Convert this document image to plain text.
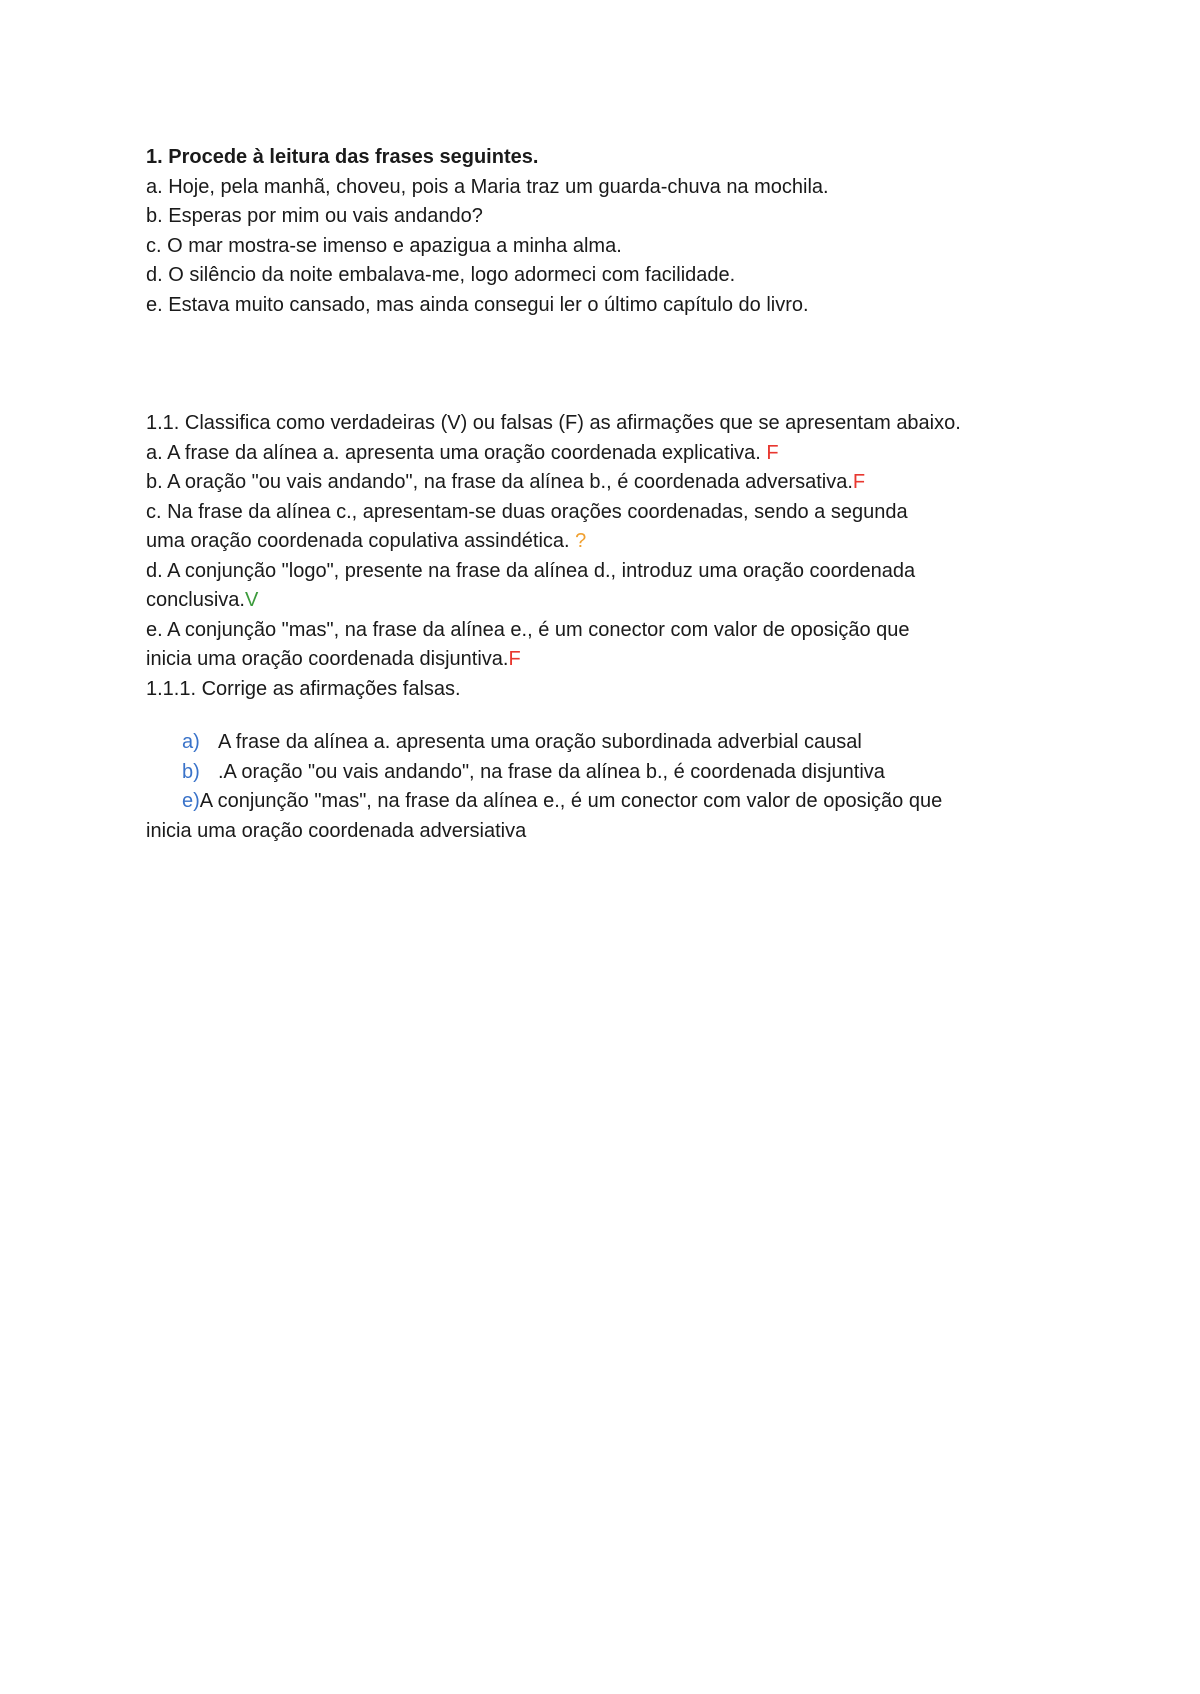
1. Procede à leitura das frases seguintes.
a. Hoje, pela manhã, choveu, pois a Maria traz um guarda-chuva na mochila.
b. Esperas por mim ou vais andando?
c. O mar mostra-se imenso e apazigua a minha alma.
d. O silêncio da noite embalava-me, logo adormeci com facilidade.
e. Estava muito cansado, mas ainda consegui ler o último capítulo do livro.
1.1. Classifica como verdadeiras (V) ou falsas (F) as afirmações que se apresentam abaixo.
a. A frase da alínea a. apresenta uma oração coordenada explicativa. F
b. A oração "ou vais andando", na frase da alínea b., é coordenada adversativa.F
c. Na frase da alínea c., apresentam-se duas orações coordenadas, sendo a segunda
uma oração coordenada copulativa assindética. ?
d. A conjunção "logo", presente na frase da alínea d., introduz uma oração coordenada
conclusiva.V
e. A conjunção "mas", na frase da alínea e., é um conector com valor de oposição que
inicia uma oração coordenada disjuntiva.F
1.1.1. Corrige as afirmações falsas.
a) A frase da alínea a. apresenta uma oração subordinada adverbial causal
b) .A oração "ou vais andando", na frase da alínea b., é coordenada disjuntiva
e)A conjunção "mas", na frase da alínea e., é um conector com valor de oposição que
inicia uma oração coordenada adversiativa
